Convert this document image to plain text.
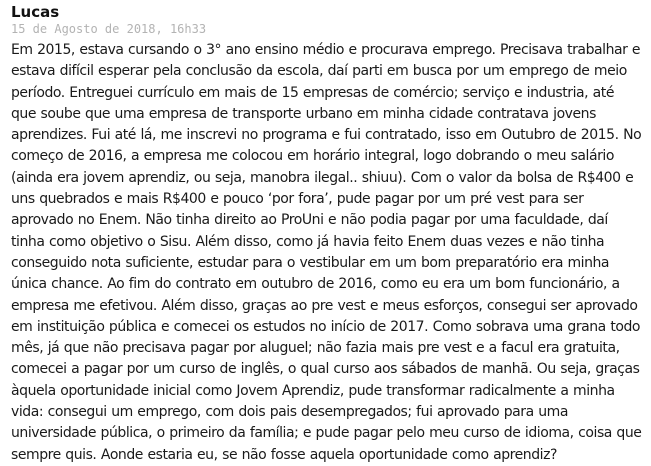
Lucas
15 de Agosto de 2018, 16h33

Em 2015, estava cursando o 3° ano ensino médio e procurava emprego. Precisava trabalhar e estava difícil esperar pela conclusão da escola, daí parti em busca por um emprego de meio período. Entreguei currículo em mais de 15 empresas de comércio; serviço e industria, até que soube que uma empresa de transporte urbano em minha cidade contratava jovens aprendizes. Fui até lá, me inscrevi no programa e fui contratado, isso em Outubro de 2015. No começo de 2016, a empresa me colocou em horário integral, logo dobrando o meu salário (ainda era jovem aprendiz, ou seja, manobra ilegal.. shiuu). Com o valor da bolsa de R$400 e uns quebrados e mais R$400 e pouco ‘por fora’, pude pagar por um pré vest para ser aprovado no Enem. Não tinha direito ao ProUni e não podia pagar por uma faculdade, daí tinha como objetivo o Sisu. Além disso, como já havia feito Enem duas vezes e não tinha conseguido nota suficiente, estudar para o vestibular em um bom preparatório era minha única chance. Ao fim do contrato em outubro de 2016, como eu era um bom funcionário, a empresa me efetivou. Além disso, graças ao pre vest e meus esforços, consegui ser aprovado em instituição pública e comecei os estudos no início de 2017. Como sobrava uma grana todo mês, já que não precisava pagar por aluguel; não fazia mais pre vest e a facul era gratuita, comecei a pagar por um curso de inglês, o qual curso aos sábados de manhã. Ou seja, graças àquela oportunidade inicial como Jovem Aprendiz, pude transformar radicalmente a minha vida: consegui um emprego, com dois pais desempregados; fui aprovado para uma universidade pública, o primeiro da família; e pude pagar pelo meu curso de idioma, coisa que sempre quis. Aonde estaria eu, se não fosse aquela oportunidade como aprendiz?
